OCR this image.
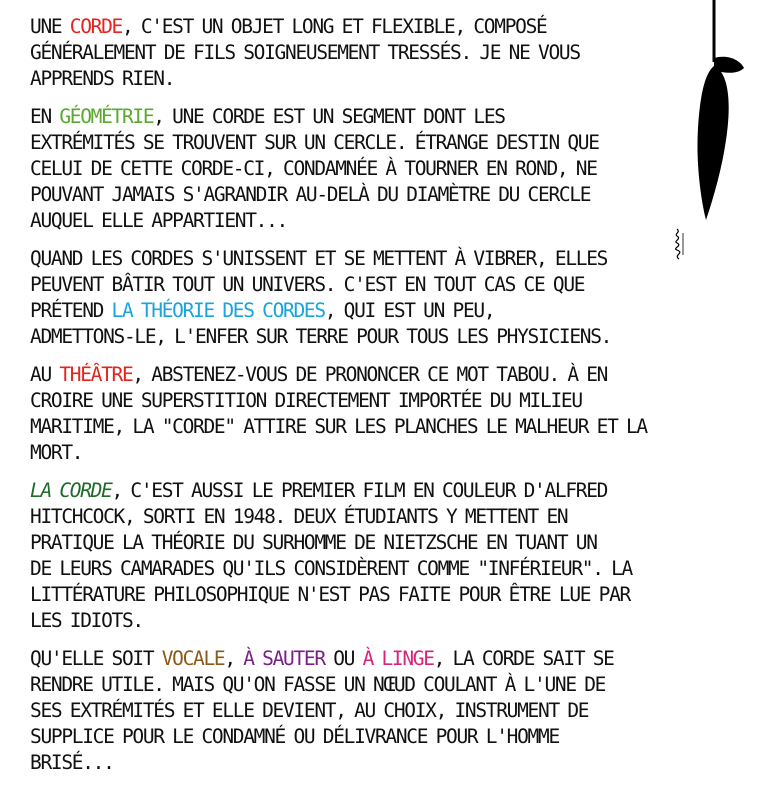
UNE CORDE, C'EST UN OBJET LONG ET FLEXIBLE, COMPOSÉ
GÉNÉRALEMENT DE FILS SOIGNEUSEMENT TRESSÉS. JE NE VOUS
APPRENDS RIEN.

EN GÉOMÉTRIE, UNE CORDE EST UN SEGMENT DONT LES
EXTRÉMITÉS SE TROUVENT SUR UN CERCLE. ÉTRANGE DESTIN QUE
CELUI DE CETTE CORDE-CI, CONDAMNÉE À TOURNER EN ROND, NE
POUVANT JAMAIS S'AGRANDIR AU-DELÀ DU DIAMÈTRE DU CERCLE
AUQUEL ELLE APPARTIENT...

QUAND LES CORDES S'UNISSENT ET SE METTENT À VIBRER, ELLES
PEUVENT BÂTIR TOUT UN UNIVERS. C'EST EN TOUT CAS CE QUE
PRÉTEND LA THÉORIE DES CORDES, QUI EST UN PEU,
ADMETTONS-LE, L'ENFER SUR TERRE POUR TOUS LES PHYSICIENS.

AU THÉÂTRE, ABSTENEZ-VOUS DE PRONONCER CE MOT TABOU. À EN
CROIRE UNE SUPERSTITION DIRECTEMENT IMPORTÉE DU MILIEU
MARITIME, LA "CORDE" ATTIRE SUR LES PLANCHES LE MALHEUR ET LA
MORT.

LA CORDE, C'EST AUSSI LE PREMIER FILM EN COULEUR D'ALFRED
HITCHCOCK, SORTI EN 1948. DEUX ÉTUDIANTS Y METTENT EN
PRATIQUE LA THÉORIE DU SURHOMME DE NIETZSCHE EN TUANT UN
DE LEURS CAMARADES QU'ILS CONSIDÈRENT COMME "INFÉRIEUR". LA
LITTÉRATURE PHILOSOPHIQUE N'EST PAS FAITE POUR ÊTRE LUE PAR
LES IDIOTS.

QU'ELLE SOIT VOCALE, À SAUTER OU À LINGE, LA CORDE SAIT SE
RENDRE UTILE. MAIS QU'ON FASSE UN NŒUD COULANT À L'UNE DE
SES EXTRÉMITÉS ET ELLE DEVIENT, AU CHOIX, INSTRUMENT DE
SUPPLICE POUR LE CONDAMNÉ OU DÉLIVRANCE POUR L'HOMME
BRISÉ...
